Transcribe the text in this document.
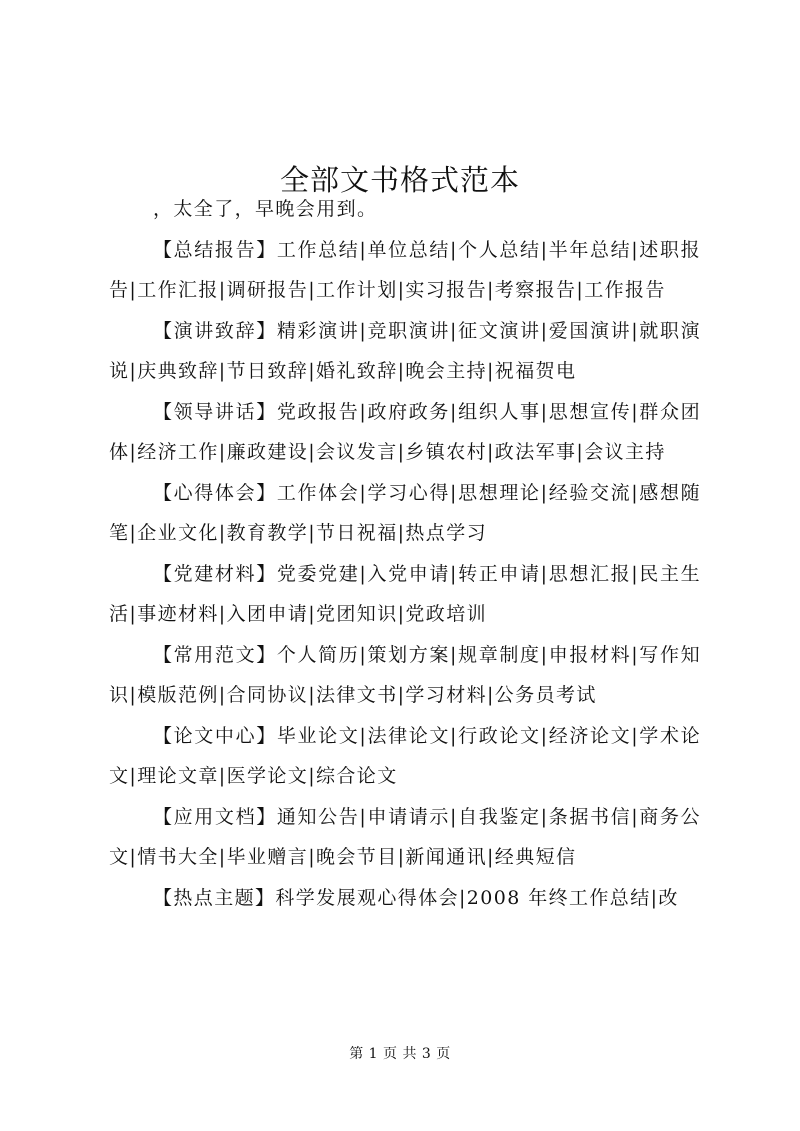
全部文书格式范本

，太全了，早晚会用到。

【总结报告】工作总结|单位总结|个人总结|半年总结|述职报告|工作汇报|调研报告|工作计划|实习报告|考察报告|工作报告

【演讲致辞】精彩演讲|竞职演讲|征文演讲|爱国演讲|就职演说|庆典致辞|节日致辞|婚礼致辞|晚会主持|祝福贺电

【领导讲话】党政报告|政府政务|组织人事|思想宣传|群众团体|经济工作|廉政建设|会议发言|乡镇农村|政法军事|会议主持

【心得体会】工作体会|学习心得|思想理论|经验交流|感想随笔|企业文化|教育教学|节日祝福|热点学习

【党建材料】党委党建|入党申请|转正申请|思想汇报|民主生活|事迹材料|入团申请|党团知识|党政培训

【常用范文】个人简历|策划方案|规章制度|申报材料|写作知识|模版范例|合同协议|法律文书|学习材料|公务员考试

【论文中心】毕业论文|法律论文|行政论文|经济论文|学术论文|理论文章|医学论文|综合论文

【应用文档】通知公告|申请请示|自我鉴定|条据书信|商务公文|情书大全|毕业赠言|晚会节目|新闻通讯|经典短信

【热点主题】科学发展观心得体会|2008 年终工作总结|改

第 1 页 共 3 页
